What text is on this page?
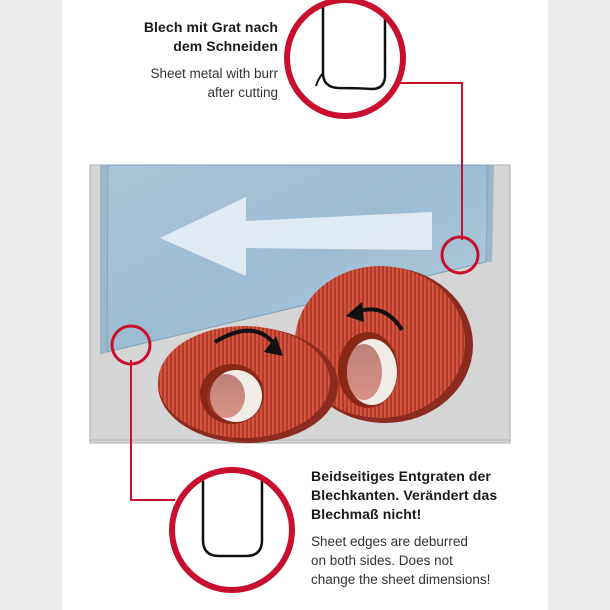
Blech mit Grat nach
dem Schneiden
Sheet metal with burr
after cutting
Beidseitiges Entgraten der
Blechkanten. Verändert das
Blechmaß nicht!
Sheet edges are deburred
on both sides. Does not
change the sheet dimensions!
